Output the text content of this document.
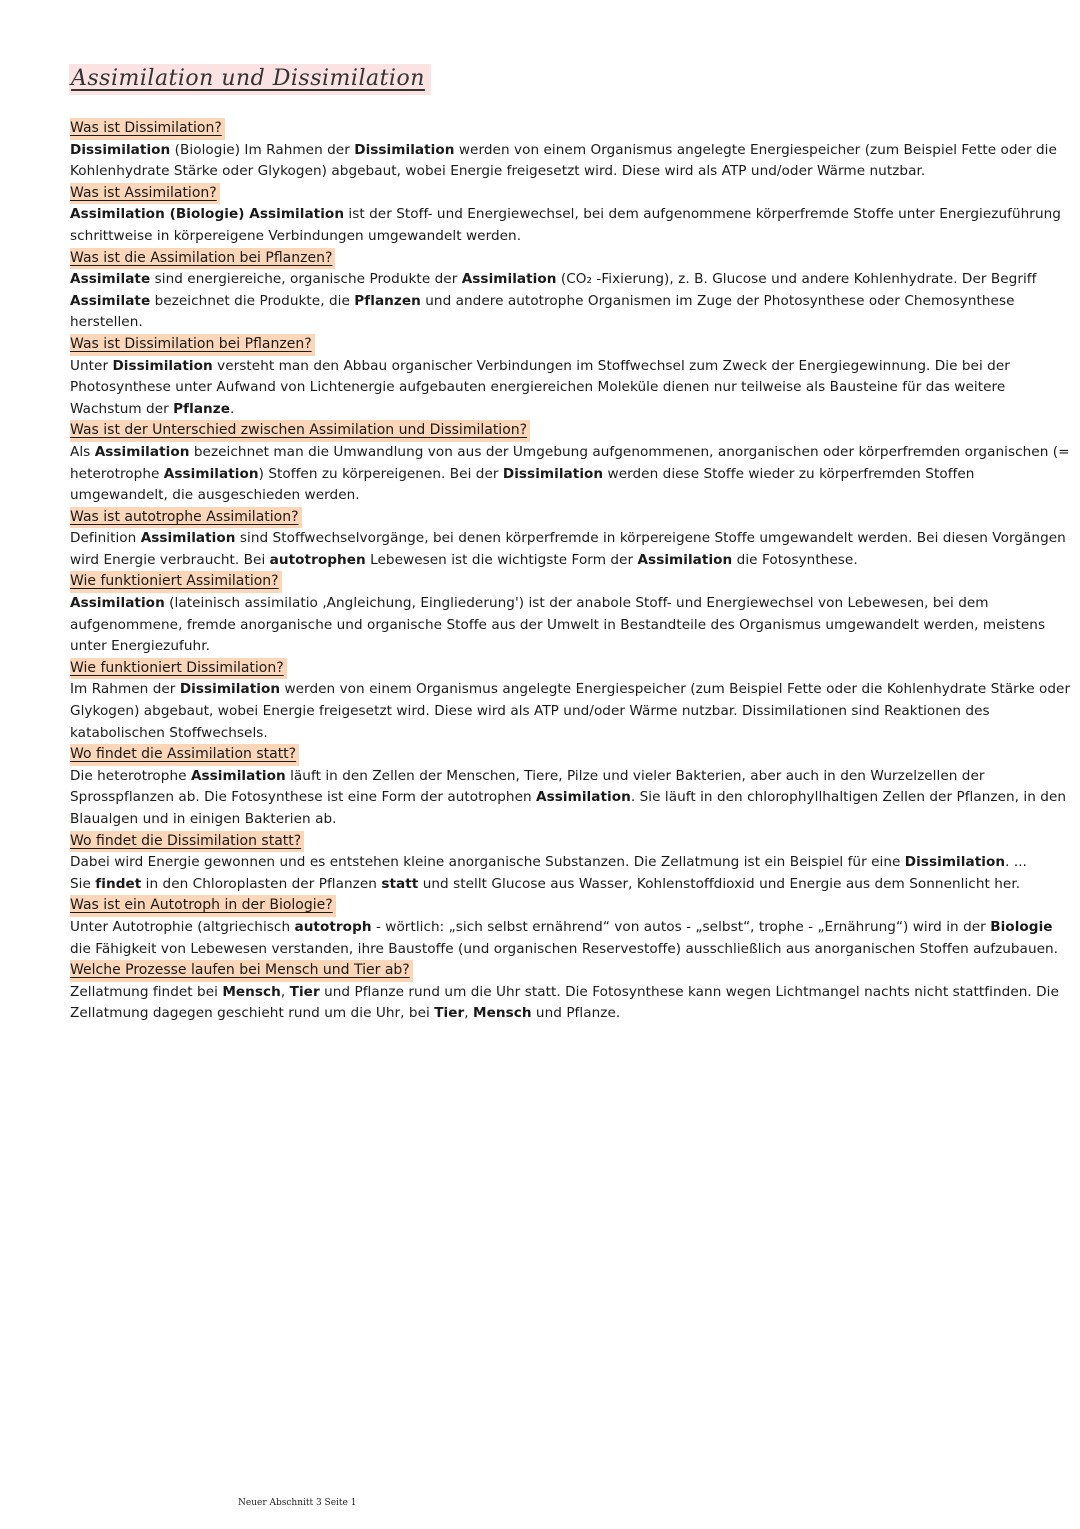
Assimilation und Dissimilation
Was ist Dissimilation?
Dissimilation (Biologie) Im Rahmen der Dissimilation werden von einem Organismus angelegte Energiespeicher (zum Beispiel Fette oder die Kohlenhydrate Stärke oder Glykogen) abgebaut, wobei Energie freigesetzt wird. Diese wird als ATP und/oder Wärme nutzbar.
Was ist Assimilation?
Assimilation (Biologie) Assimilation ist der Stoff- und Energiewechsel, bei dem aufgenommene körperfremde Stoffe unter Energiezuführung schrittweise in körpereigene Verbindungen umgewandelt werden.
Was ist die Assimilation bei Pflanzen?
Assimilate sind energiereiche, organische Produkte der Assimilation (CO₂ -Fixierung), z. B. Glucose und andere Kohlenhydrate. Der Begriff Assimilate bezeichnet die Produkte, die Pflanzen und andere autotrophe Organismen im Zuge der Photosynthese oder Chemosynthese herstellen.
Was ist Dissimilation bei Pflanzen?
Unter Dissimilation versteht man den Abbau organischer Verbindungen im Stoffwechsel zum Zweck der Energiegewinnung. Die bei der Photosynthese unter Aufwand von Lichtenergie aufgebauten energiereichen Moleküle dienen nur teilweise als Bausteine für das weitere Wachstum der Pflanze.
Was ist der Unterschied zwischen Assimilation und Dissimilation?
Als Assimilation bezeichnet man die Umwandlung von aus der Umgebung aufgenommenen, anorganischen oder körperfremden organischen (= heterotrophe Assimilation) Stoffen zu körpereigenen. Bei der Dissimilation werden diese Stoffe wieder zu körperfremden Stoffen umgewandelt, die ausgeschieden werden.
Was ist autotrophe Assimilation?
Definition Assimilation sind Stoffwechselvorgänge, bei denen körperfremde in körpereigene Stoffe umgewandelt werden. Bei diesen Vorgängen wird Energie verbraucht. Bei autotrophen Lebewesen ist die wichtigste Form der Assimilation die Fotosynthese.
Wie funktioniert Assimilation?
Assimilation (lateinisch assimilatio ‚Angleichung, Eingliederung') ist der anabole Stoff- und Energiewechsel von Lebewesen, bei dem aufgenommene, fremde anorganische und organische Stoffe aus der Umwelt in Bestandteile des Organismus umgewandelt werden, meistens unter Energiezufuhr.
Wie funktioniert Dissimilation?
Im Rahmen der Dissimilation werden von einem Organismus angelegte Energiespeicher (zum Beispiel Fette oder die Kohlenhydrate Stärke oder Glykogen) abgebaut, wobei Energie freigesetzt wird. Diese wird als ATP und/oder Wärme nutzbar. Dissimilationen sind Reaktionen des katabolischen Stoffwechsels.
Wo findet die Assimilation statt?
Die heterotrophe Assimilation läuft in den Zellen der Menschen, Tiere, Pilze und vieler Bakterien, aber auch in den Wurzelzellen der Sprosspflanzen ab. Die Fotosynthese ist eine Form der autotrophen Assimilation. Sie läuft in den chlorophyllhaltigen Zellen der Pflanzen, in den Blaualgen und in einigen Bakterien ab.
Wo findet die Dissimilation statt?
Dabei wird Energie gewonnen und es entstehen kleine anorganische Substanzen. Die Zellatmung ist ein Beispiel für eine Dissimilation. ...
Sie findet in den Chloroplasten der Pflanzen statt und stellt Glucose aus Wasser, Kohlenstoffdioxid und Energie aus dem Sonnenlicht her.
Was ist ein Autotroph in der Biologie?
Unter Autotrophie (altgriechisch autotroph - wörtlich: „sich selbst ernährend“ von autos - „selbst“, trophe - „Ernährung“) wird in der Biologie die Fähigkeit von Lebewesen verstanden, ihre Baustoffe (und organischen Reservestoffe) ausschließlich aus anorganischen Stoffen aufzubauen.
Welche Prozesse laufen bei Mensch und Tier ab?
Zellatmung findet bei Mensch, Tier und Pflanze rund um die Uhr statt. Die Fotosynthese kann wegen Lichtmangel nachts nicht stattfinden. Die Zellatmung dagegen geschieht rund um die Uhr, bei Tier, Mensch und Pflanze.
Neuer Abschnitt 3 Seite 1
